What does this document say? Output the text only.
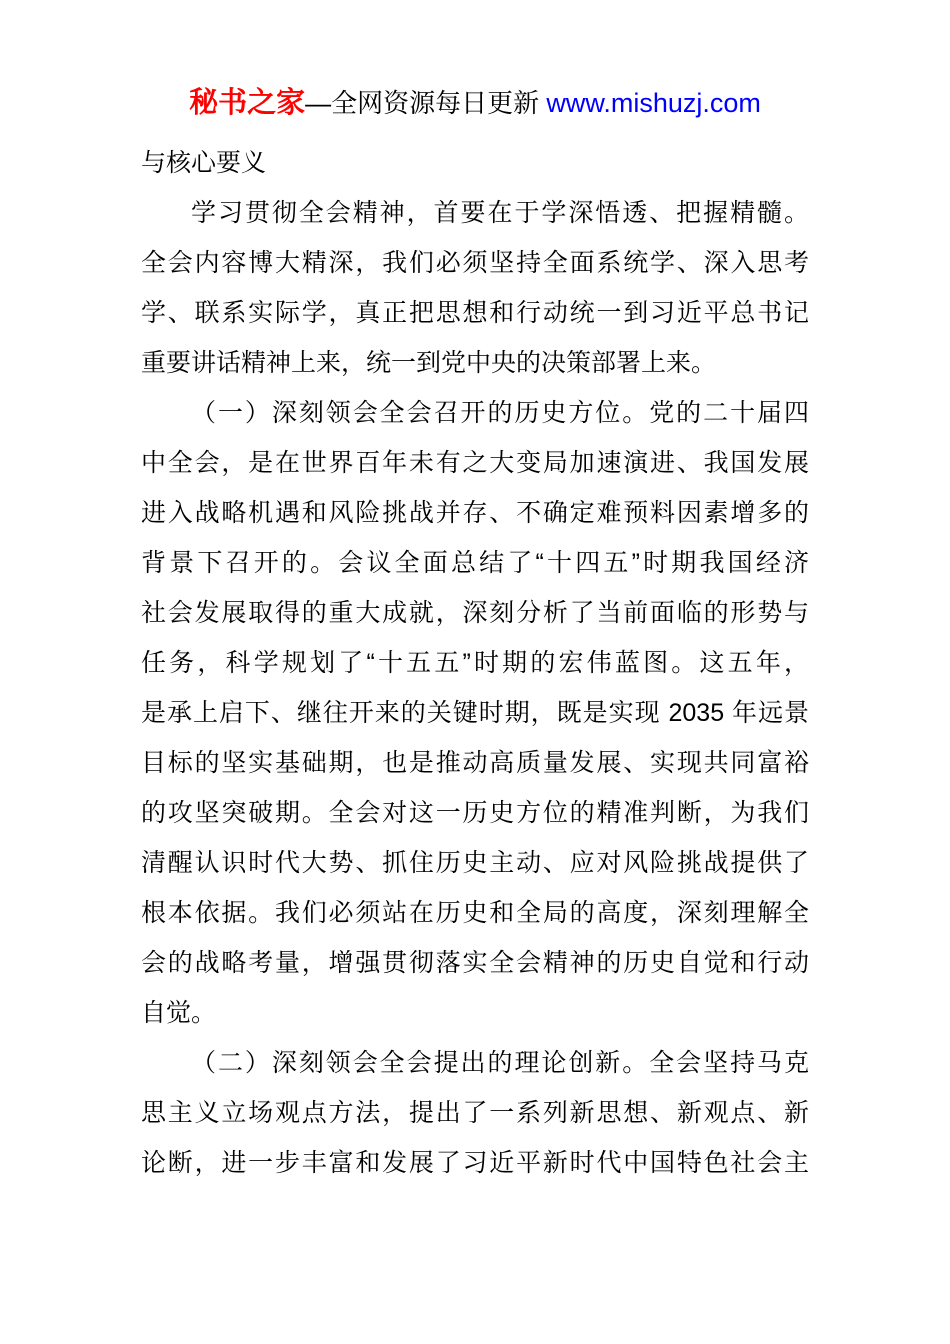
秘书之家—全网资源每日更新 www.mishuzj.com
与核心要义
学习贯彻全会精神，首要在于学深悟透、把握精髓。
全会内容博大精深，我们必须坚持全面系统学、深入思考
学、联系实际学，真正把思想和行动统一到习近平总书记
重要讲话精神上来，统一到党中央的决策部署上来。
（一）深刻领会全会召开的历史方位。党的二十届四
中全会，是在世界百年未有之大变局加速演进、我国发展
进入战略机遇和风险挑战并存、不确定难预料因素增多的
背景下召开的。会议全面总结了“十四五”时期我国经济
社会发展取得的重大成就，深刻分析了当前面临的形势与
任务，科学规划了“十五五”时期的宏伟蓝图。这五年，
是承上启下、继往开来的关键时期，既是实现 2035 年远景
目标的坚实基础期，也是推动高质量发展、实现共同富裕
的攻坚突破期。全会对这一历史方位的精准判断，为我们
清醒认识时代大势、抓住历史主动、应对风险挑战提供了
根本依据。我们必须站在历史和全局的高度，深刻理解全
会的战略考量，增强贯彻落实全会精神的历史自觉和行动
自觉。
（二）深刻领会全会提出的理论创新。全会坚持马克
思主义立场观点方法，提出了一系列新思想、新观点、新
论断，进一步丰富和发展了习近平新时代中国特色社会主
